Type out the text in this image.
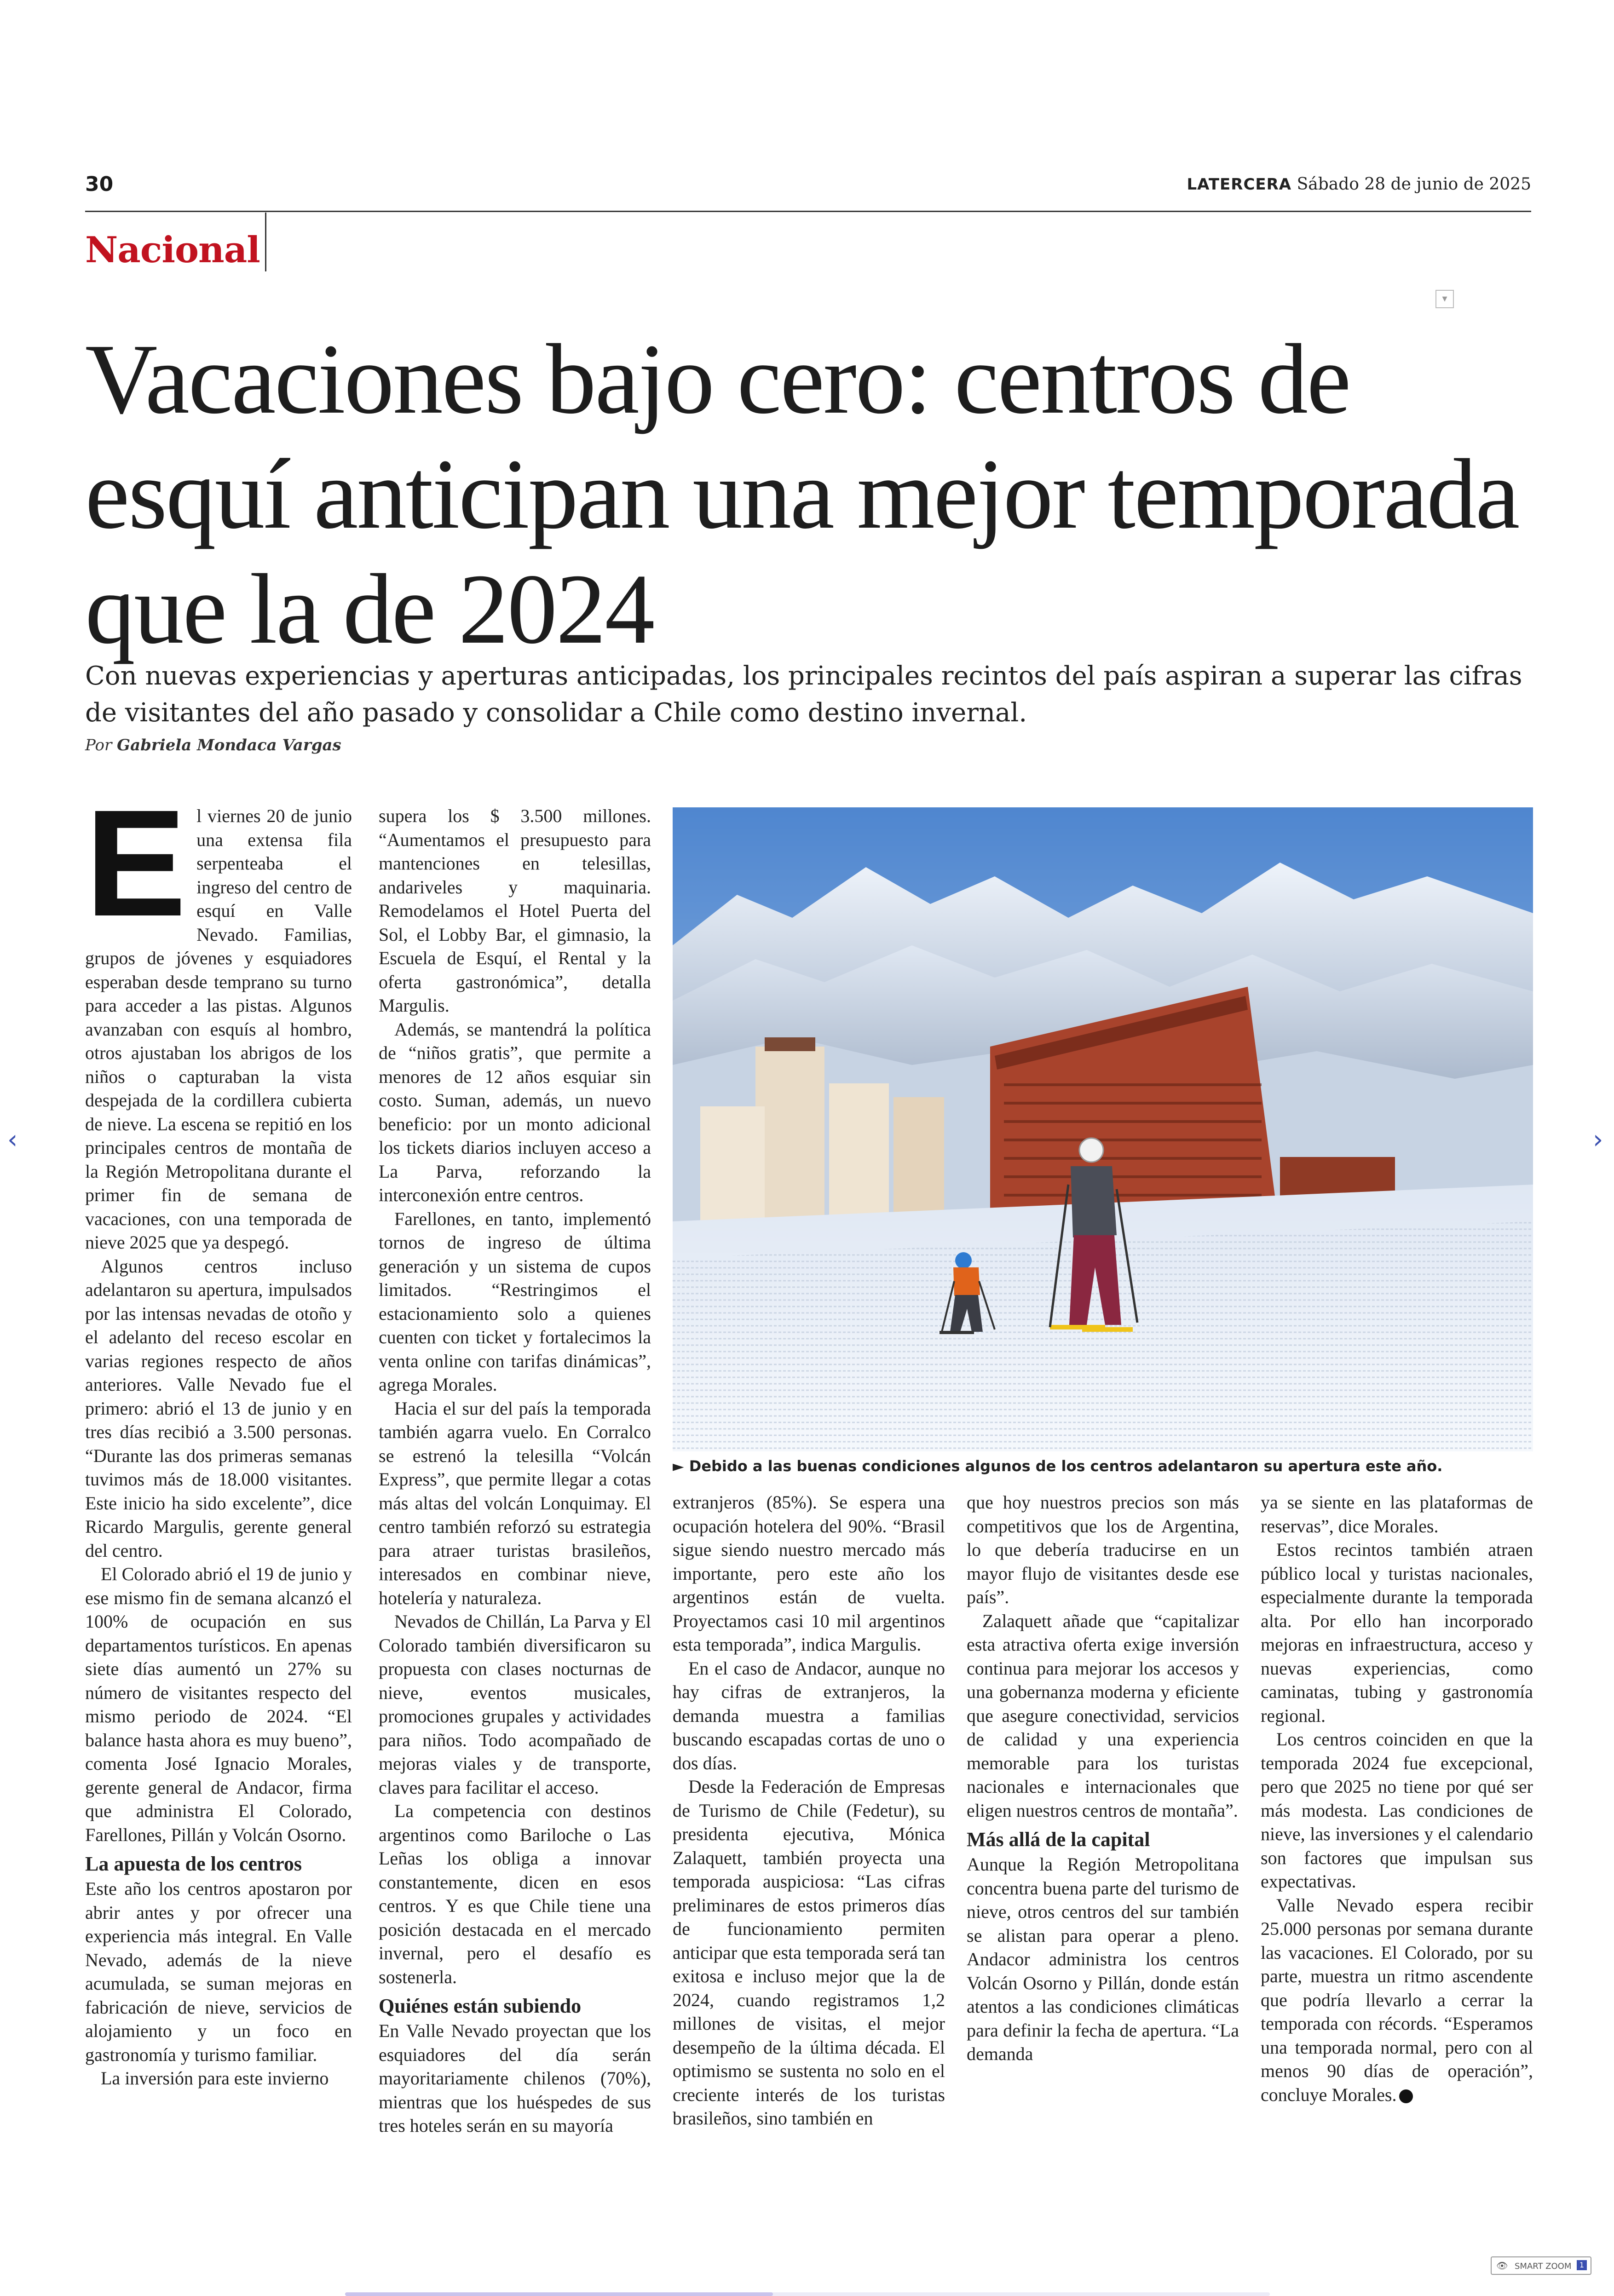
30	LATERCERA Sábado 28 de junio de 2025
Nacional
▾
Vacaciones bajo cero: centros de esquí anticipan una mejor temporada que la de 2024

Con nuevas experiencias y aperturas anticipadas, los principales recintos del país aspiran a superar las cifras de visitantes del año pasado y consolidar a Chile como destino invernal.

Por Gabriela Mondaca Vargas
E l viernes 20 de junio una extensa fila serpenteaba el ingreso del centro de esquí en Valle Nevado. Familias, grupos de jóvenes y esquiadores esperaban desde temprano su turno para acceder a las pistas. Algunos avanzaban con esquís al hombro, otros ajustaban los abrigos de los niños o capturaban la vista despejada de la cordillera cubierta de nieve. La escena se repitió en los principales centros de montaña de la Región Metropolitana durante el primer fin de semana de vacaciones, con una temporada de nieve 2025 que ya despegó.

Algunos centros incluso adelantaron su apertura, impulsados por las intensas nevadas de otoño y el adelanto del receso escolar en varias regiones respecto de años anteriores. Valle Nevado fue el primero: abrió el 13 de junio y en tres días recibió a 3.500 personas. “Durante las dos primeras semanas tuvimos más de 18.000 visitantes. Este inicio ha sido excelente”, dice Ricardo Margulis, gerente general del centro.

El Colorado abrió el 19 de junio y ese mismo fin de semana alcanzó el 100% de ocupación en sus departamentos turísticos. En apenas siete días aumentó un 27% su número de visitantes respecto del mismo periodo de 2024. “El balance hasta ahora es muy bueno”, comenta José Ignacio Morales, gerente general de Andacor, firma que administra El Colorado, Farellones, Pillán y Volcán Osorno.

La apuesta de los centros

Este año los centros apostaron por abrir antes y por ofrecer una experiencia más integral. En Valle Nevado, además de la nieve acumulada, se suman mejoras en fabricación de nieve, servicios de alojamiento y un foco en gastronomía y turismo familiar.

La inversión para este invierno

supera los $ 3.500 millones. “Aumentamos el presupuesto para mantenciones en telesillas, andariveles y maquinaria. Remodelamos el Hotel Puerta del Sol, el Lobby Bar, el gimnasio, la Escuela de Esquí, el Rental y la oferta gastronómica”, detalla Margulis.

Además, se mantendrá la política de “niños gratis”, que permite a menores de 12 años esquiar sin costo. Suman, además, un nuevo beneficio: por un monto adicional los tickets diarios incluyen acceso a La Parva, reforzando la interconexión entre centros.

Farellones, en tanto, implementó tornos de ingreso de última generación y un sistema de cupos limitados. “Restringimos el estacionamiento solo a quienes cuenten con ticket y fortalecimos la venta online con tarifas dinámicas”, agrega Morales.

Hacia el sur del país la temporada también agarra vuelo. En Corralco se estrenó la telesilla “Volcán Express”, que permite llegar a cotas más altas del volcán Lonquimay. El centro también reforzó su estrategia para atraer turistas brasileños, interesados en combinar nieve, hotelería y naturaleza.

Nevados de Chillán, La Parva y El Colorado también diversificaron su propuesta con clases nocturnas de nieve, eventos musicales, promociones grupales y actividades para niños. Todo acompañado de mejoras viales y de transporte, claves para facilitar el acceso.

La competencia con destinos argentinos como Bariloche o Las Leñas los obliga a innovar constantemente, dicen en esos centros. Y es que Chile tiene una posición destacada en el mercado invernal, pero el desafío es sostenerla.

Quiénes están subiendo

En Valle Nevado proyectan que los esquiadores del día serán mayoritariamente chilenos (70%), mientras que los huéspedes de sus tres hoteles serán en su mayoría

► Debido a las buenas condiciones algunos de los centros adelantaron su apertura este año.

extranjeros (85%). Se espera una ocupación hotelera del 90%. “Brasil sigue siendo nuestro mercado más importante, pero este año los argentinos están de vuelta. Proyectamos casi 10 mil argentinos esta temporada”, indica Margulis.

En el caso de Andacor, aunque no hay cifras de extranjeros, la demanda muestra a familias buscando escapadas cortas de uno o dos días.

Desde la Federación de Empresas de Turismo de Chile (Fedetur), su presidenta ejecutiva, Mónica Zalaquett, también proyecta una temporada auspiciosa: “Las cifras preliminares de estos primeros días de funcionamiento permiten anticipar que esta temporada será tan exitosa e incluso mejor que la de 2024, cuando registramos 1,2 millones de visitas, el mejor desempeño de la última década. El optimismo se sustenta no solo en el creciente interés de los turistas brasileños, sino también en

que hoy nuestros precios son más competitivos que los de Argentina, lo que debería traducirse en un mayor flujo de visitantes desde ese país”.

Zalaquett añade que “capitalizar esta atractiva oferta exige inversión continua para mejorar los accesos y una gobernanza moderna y eficiente que asegure conectividad, servicios de calidad y una experiencia memorable para los turistas nacionales e internacionales que eligen nuestros centros de montaña”.

Más allá de la capital

Aunque la Región Metropolitana concentra buena parte del turismo de nieve, otros centros del sur también se alistan para operar a pleno. Andacor administra los centros Volcán Osorno y Pillán, donde están atentos a las condiciones climáticas para definir la fecha de apertura. “La demanda

ya se siente en las plataformas de reservas”, dice Morales.

Estos recintos también atraen público local y turistas nacionales, especialmente durante la temporada alta. Por ello han incorporado mejoras en infraestructura, acceso y nuevas experiencias, como caminatas, tubing y gastronomía regional.

Los centros coinciden en que la temporada 2024 fue excepcional, pero que 2025 no tiene por qué ser más modesta. Las condiciones de nieve, las inversiones y el calendario son factores que impulsan sus expectativas.

Valle Nevado espera recibir 25.000 personas por semana durante las vacaciones. El Colorado, por su parte, muestra un ritmo ascendente que podría llevarlo a cerrar la temporada con récords. “Esperamos una temporada normal, pero con al menos 90 días de operación”, concluye Morales.

‹	›
👁 SMART ZOOM	1
